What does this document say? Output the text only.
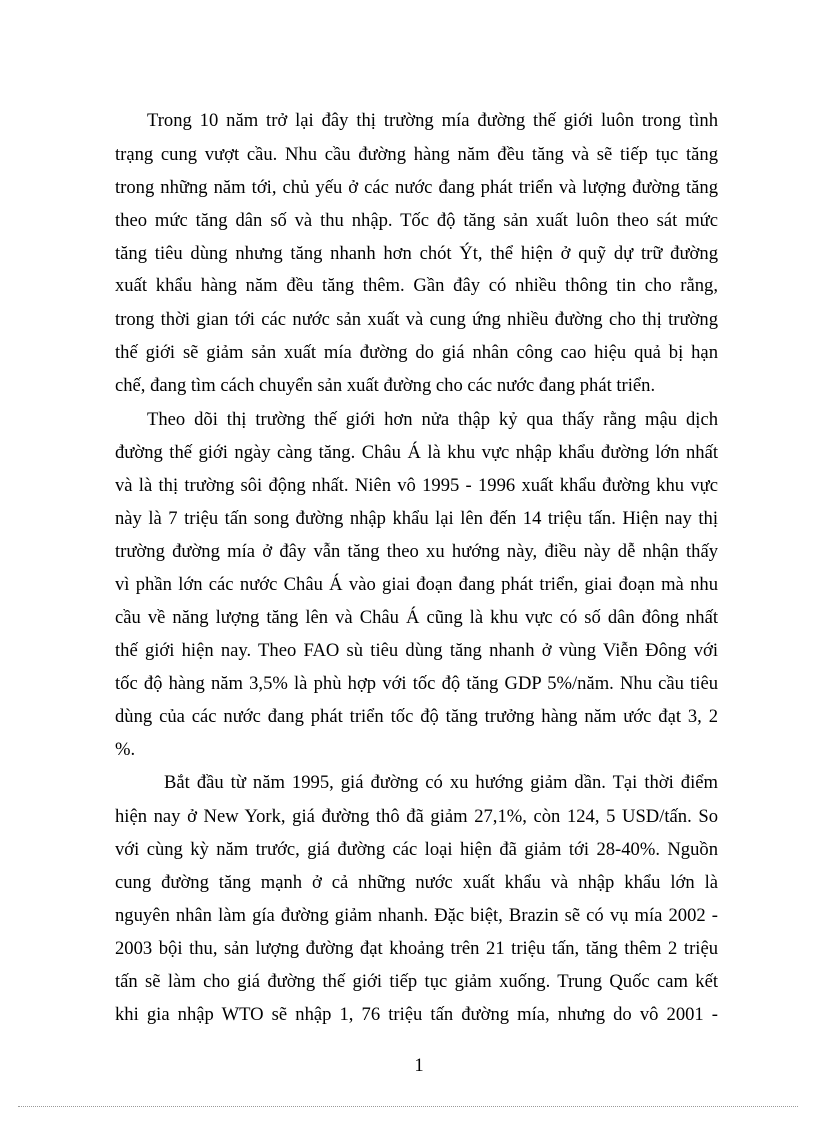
Trong 10 năm trở lại đây thị trường mía đường thế giới luôn trong tình
trạng cung vượt cầu. Nhu cầu đường hàng năm đều tăng và sẽ tiếp tục tăng
trong những năm tới, chủ yếu ở các nước đang phát triển và lượng đường tăng
theo mức tăng dân số và thu nhập. Tốc độ tăng sản xuất luôn theo sát mức
tăng tiêu dùng nhưng tăng nhanh hơn chót Ýt, thể hiện ở quỹ dự trữ đường
xuất khẩu hàng năm đều tăng thêm. Gần đây có nhiều thông tin cho rằng,
trong thời gian tới các nước sản xuất và cung ứng nhiều đường cho thị trường
thế giới sẽ giảm sản xuất mía đường do giá nhân công cao hiệu quả bị hạn
chế, đang tìm cách chuyển sản xuất đường cho các nước đang phát triển.
Theo dõi thị trường thế giới hơn nửa thập kỷ qua thấy rằng mậu dịch
đường thế giới ngày càng tăng. Châu Á là khu vực nhập khẩu đường lớn nhất
và là thị trường sôi động nhất. Niên vô 1995 - 1996 xuất khẩu đường khu vực
này là 7 triệu tấn song đường nhập khẩu lại lên đến 14 triệu tấn. Hiện nay thị
trường đường mía ở đây vẫn tăng theo xu hướng này, điều này dễ nhận thấy
vì phần lớn các nước Châu Á vào giai đoạn đang phát triển, giai đoạn mà nhu
cầu về năng lượng tăng lên và Châu Á cũng là khu vực có số dân đông nhất
thế giới hiện nay. Theo FAO sù tiêu dùng tăng nhanh ở vùng Viễn Đông với
tốc độ hàng năm 3,5% là phù hợp với tốc độ tăng GDP 5%/năm. Nhu cầu tiêu
dùng của các nước đang phát triển tốc độ tăng trưởng hàng năm ước đạt 3, 2
%.
Bắt đầu từ năm 1995, giá đường có xu hướng giảm dần. Tại thời điểm
hiện nay ở New York, giá đường thô đã giảm 27,1%, còn 124, 5 USD/tấn. So
với cùng kỳ năm trước, giá đường các loại hiện đã giảm tới 28-40%. Nguồn
cung đường tăng mạnh ở cả những nước xuất khẩu và nhập khẩu lớn là
nguyên nhân làm gía đường giảm nhanh. Đặc biệt, Brazin sẽ có vụ mía 2002 -
2003 bội thu, sản lượng đường đạt khoảng trên 21 triệu tấn, tăng thêm 2 triệu
tấn sẽ làm cho giá đường thế giới tiếp tục giảm xuống. Trung Quốc cam kết
khi gia nhập WTO sẽ nhập 1, 76 triệu tấn đường mía, nhưng do vô 2001 -
1
